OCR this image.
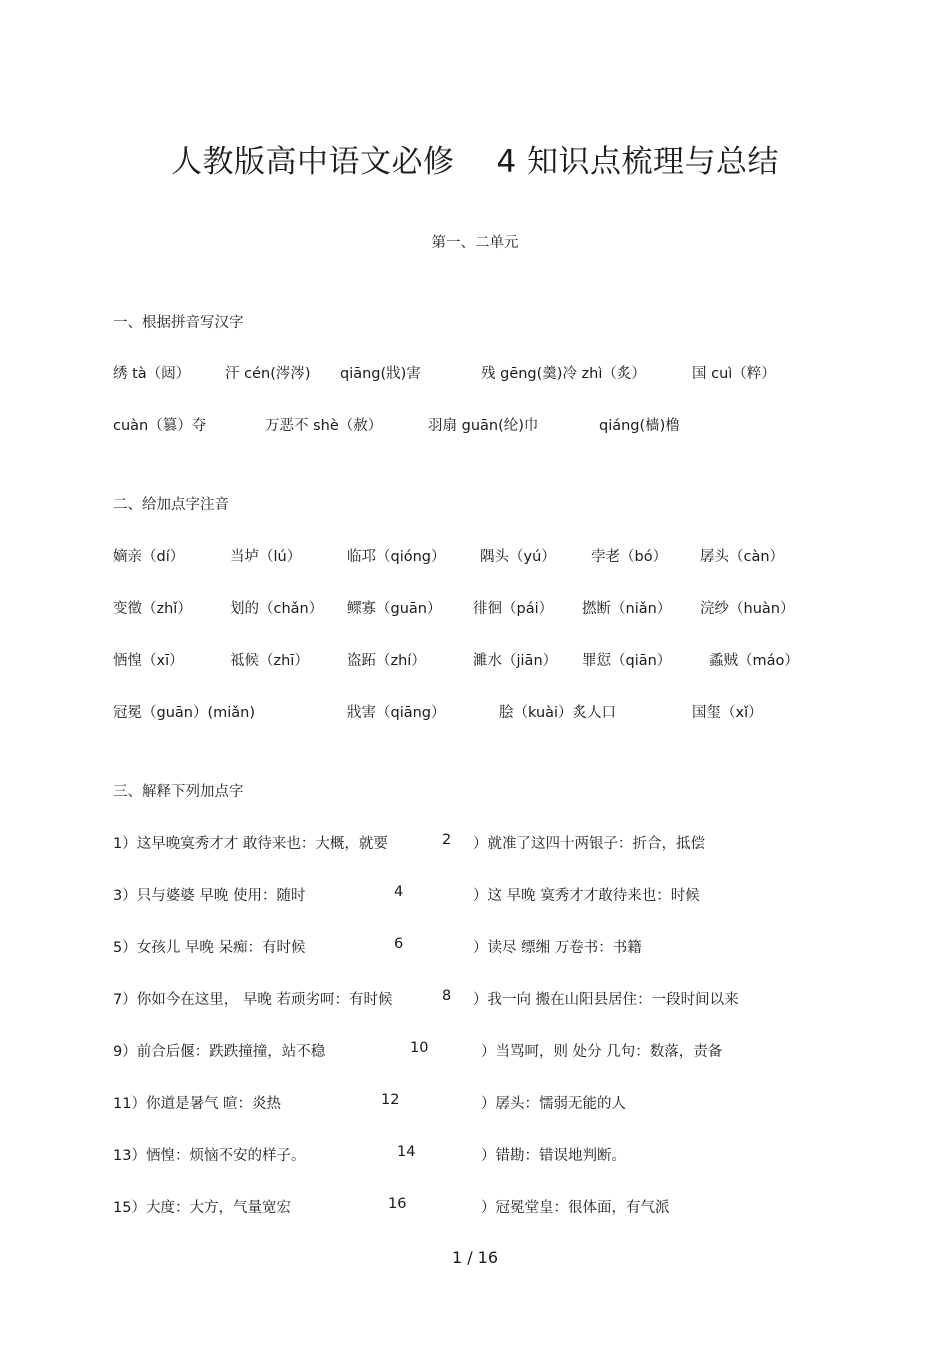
人教版高中语文必修 4 知识点梳理与总结
第一、二单元
一、根据拼音写汉字
绣 tà（闼） 汗 cén(涔涔) qiāng(戕)害	残 gēng(羹)冷 zhì（炙）	国 cuì（粹）
cuàn（篡）夺	万恶不 shè（赦）	羽扇 guān(纶)巾	qiáng(樯)橹
二、给加点字注音
嫡亲（dí）	当垆（lú）	临邛（qióng） 隅头（yú） 孛老（bó） 孱头（càn）
变徵（zhǐ）	划的（chǎn） 鳏寡（guān） 徘徊（pái） 撚断（niǎn） 浣纱（huàn）
恓惶（xī）	祗候（zhī）	盗跖（zhí）	濉水（jiān） 罪愆（qiān）	蟊贼（máo）
冠冕（guān）(miǎn)	戕害（qiāng）	脍（kuài）炙人口	国玺（xǐ）
三、解释下列加点字
1）这早晚寞秀才才 敢待来也：大概，就要	2 ）就准了这四十两银子：折合，抵偿
3）只与婆婆 早晚 使用：随时	4	）这 早晚 寞秀才才敢待来也：时候
5）女孩儿 早晚 呆痴：有时候	6	）读尽 缥缃 万卷书：书籍
7）你如今在这里， 早晚 若顽劣呵：有时候	8 ）我一向 搬在山阳县居住：一段时间以来
9）前合后偃：跌跌撞撞，站不稳	10	）当骂呵，则 处分 几句：数落，责备
11）你道是暑气 暄：炎热	12	）孱头：懦弱无能的人
13）恓惶：烦恼不安的样子。	14	）错勘：错误地判断。
15）大度：大方，气量宽宏	16	）冠冕堂皇：很体面，有气派
1 / 16
